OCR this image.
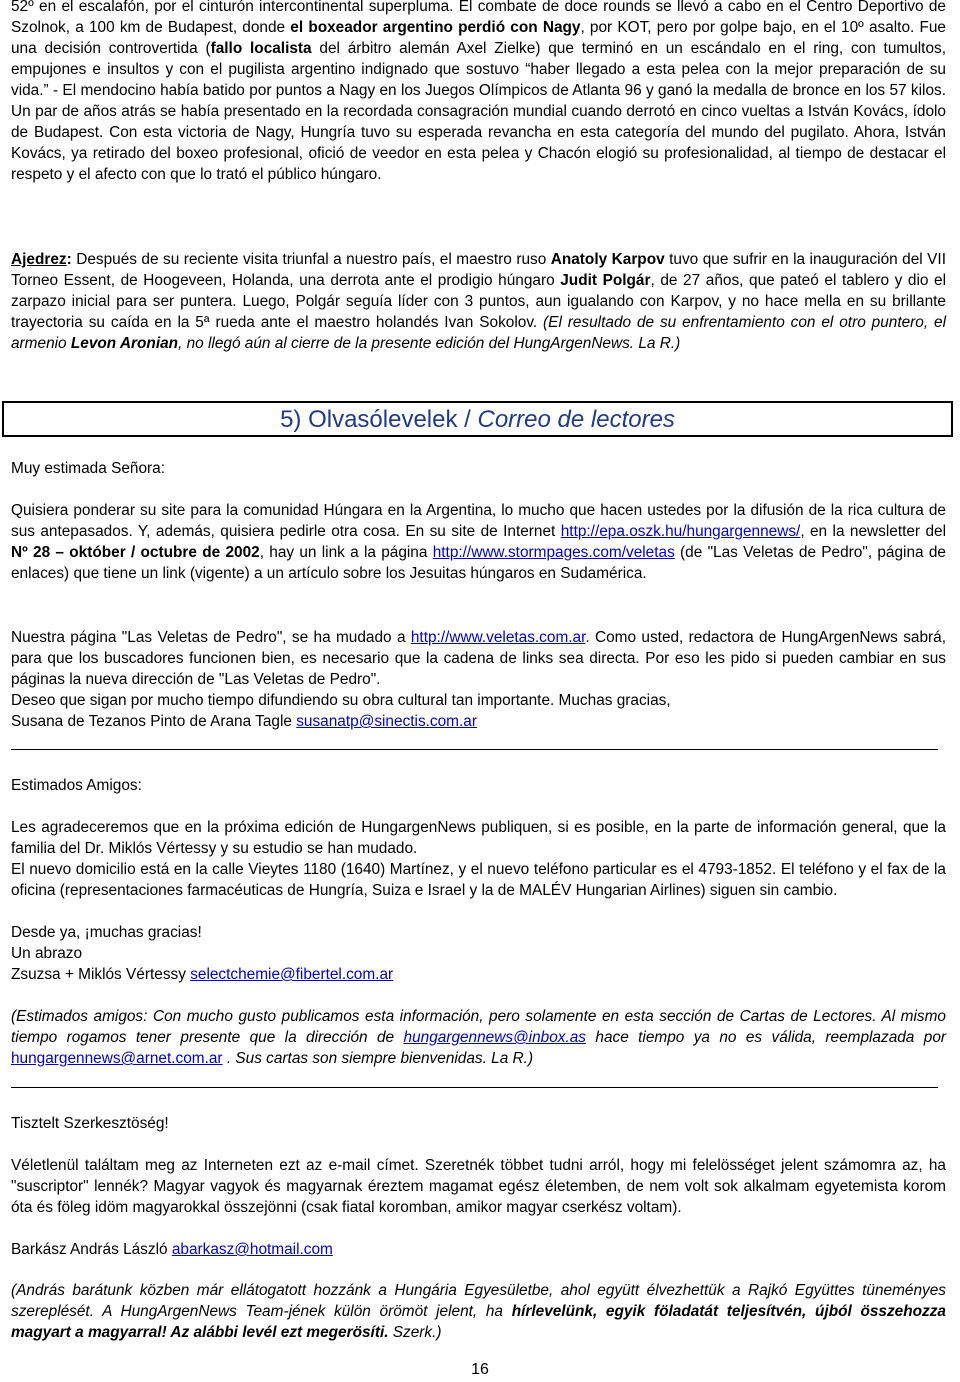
52º en el escalafón, por el cinturón intercontinental superpluma. El combate de doce rounds se llevó a cabo en el Centro Deportivo de Szolnok, a 100 km de Budapest, donde el boxeador argentino perdió con Nagy, por KOT, pero por golpe bajo, en el 10º asalto. Fue una decisión controvertida (fallo localista del árbitro alemán Axel Zielke) que terminó en un escándalo en el ring, con tumultos, empujones e insultos y con el pugilista argentino indignado que sostuvo “haber llegado a esta pelea con la mejor preparación de su vida.” - El mendocino había batido por puntos a Nagy en los Juegos Olímpicos de Atlanta 96 y ganó la medalla de bronce en los 57 kilos. Un par de años atrás se había presentado en la recordada consagración mundial cuando derrotó en cinco vueltas a István Kovács, ídolo de Budapest. Con esta victoria de Nagy, Hungría tuvo su esperada revancha en esta categoría del mundo del pugilato. Ahora, István Kovács, ya retirado del boxeo profesional, ofició de veedor en esta pelea y Chacón elogió su profesionalidad, al tiempo de destacar el respeto y el afecto con que lo trató el público húngaro.

Ajedrez: Después de su reciente visita triunfal a nuestro país, el maestro ruso Anatoly Karpov tuvo que sufrir en la inauguración del VII Torneo Essent, de Hoogeveen, Holanda, una derrota ante el prodigio húngaro Judit Polgár, de 27 años, que pateó el tablero y dio el zarpazo inicial para ser puntera. Luego, Polgár seguía líder con 3 puntos, aun igualando con Karpov, y no hace mella en su brillante trayectoria su caída en la 5ª rueda ante el maestro holandés Ivan Sokolov. (El resultado de su enfrentamiento con el otro puntero, el armenio Levon Aronian, no llegó aún al cierre de la presente edición del HungArgenNews. La R.)

5) Olvasólevelek / Correo de lectores

Muy estimada Señora:

Quisiera ponderar su site para la comunidad Húngara en la Argentina, lo mucho que hacen ustedes por la difusión de la rica cultura de sus antepasados. Y, además, quisiera pedirle otra cosa. En su site de Internet http://epa.oszk.hu/hungargennews/, en la newsletter del Nº 28 – október / octubre de 2002, hay un link a la página http://www.stormpages.com/veletas (de "Las Veletas de Pedro", página de enlaces) que tiene un link (vigente) a un artículo sobre los Jesuitas húngaros en Sudamérica.

Nuestra página "Las Veletas de Pedro", se ha mudado a http://www.veletas.com.ar. Como usted, redactora de HungArgenNews sabrá, para que los buscadores funcionen bien, es necesario que la cadena de links sea directa. Por eso les pido si pueden cambiar en sus páginas la nueva dirección de "Las Veletas de Pedro".

Deseo que sigan por mucho tiempo difundiendo su obra cultural tan importante. Muchas gracias,

Susana de Tezanos Pinto de Arana Tagle susanatp@sinectis.com.ar

Estimados Amigos:

Les agradeceremos que en la próxima edición de HungargenNews publiquen, si es posible, en la parte de información general, que la familia del Dr. Miklós Vértessy y su estudio se han mudado.

El nuevo domicilio está en la calle Vieytes 1180 (1640) Martínez, y el nuevo teléfono particular es el 4793-1852. El teléfono y el fax de la oficina (representaciones farmacéuticas de Hungría, Suiza e Israel y la de MALÉV Hungarian Airlines) siguen sin cambio.

Desde ya, ¡muchas gracias!

Un abrazo

Zsuzsa + Miklós Vértessy selectchemie@fibertel.com.ar

(Estimados amigos: Con mucho gusto publicamos esta información, pero solamente en esta sección de Cartas de Lectores. Al mismo tiempo rogamos tener presente que la dirección de hungargennews@inbox.as hace tiempo ya no es válida, reemplazada por hungargennews@arnet.com.ar . Sus cartas son siempre bienvenidas. La R.)

Tisztelt Szerkesztöség!

Véletlenül találtam meg az Interneten ezt az e-mail címet. Szeretnék többet tudni arról, hogy mi felelösséget jelent számomra az, ha "suscriptor" lennék? Magyar vagyok és magyarnak éreztem magamat egész életemben, de nem volt sok alkalmam egyetemista korom óta és föleg idöm magyarokkal összejönni (csak fiatal koromban, amikor magyar cserkész voltam).

Barkász András László abarkasz@hotmail.com

(András barátunk közben már ellátogatott hozzánk a Hungária Egyesületbe, ahol együtt élvezhettük a Rajkó Együttes tüneményes szereplését. A HungArgenNews Team-jének külön örömöt jelent, ha hírlevelünk, egyik föladatát teljesítvén, újból összehozza magyart a magyarral! Az alábbi levél ezt megerösíti. Szerk.)

16
